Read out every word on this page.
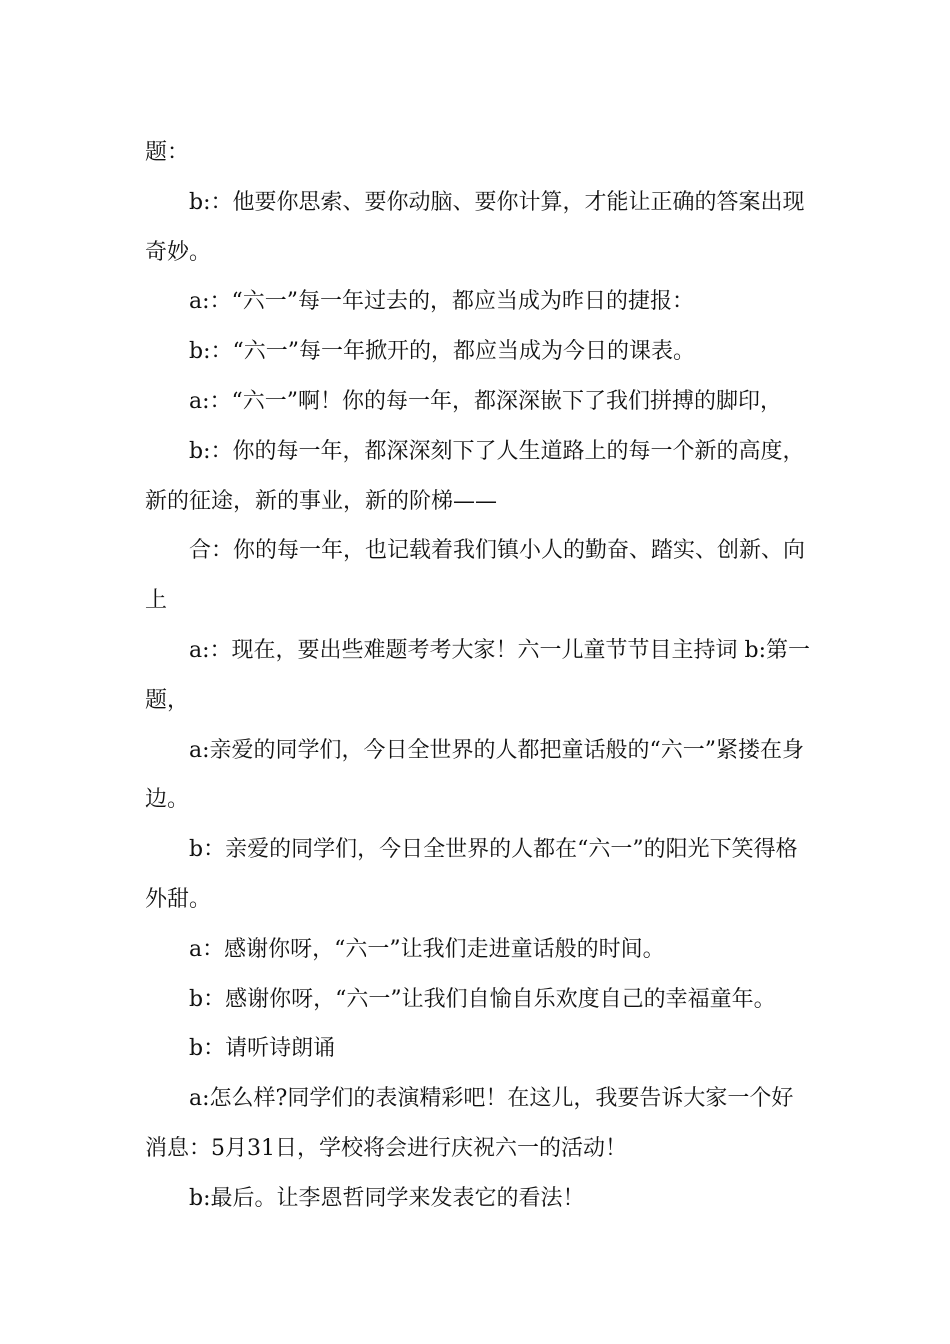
题：

b:：他要你思索、要你动脑、要你计算，才能让正确的答案出现奇妙。

a:：“六一”每一年过去的，都应当成为昨日的捷报：

b:：“六一”每一年掀开的，都应当成为今日的课表。

a:：“六一”啊！你的每一年，都深深嵌下了我们拼搏的脚印，

b:：你的每一年，都深深刻下了人生道路上的每一个新的高度，新的征途，新的事业，新的阶梯——

合：你的每一年，也记载着我们镇小人的勤奋、踏实、创新、向上

a:：现在，要出些难题考考大家！六一儿童节节目主持词 b:第一题，

a:亲爱的同学们，今日全世界的人都把童话般的“六一”紧搂在身边。

b：亲爱的同学们，今日全世界的人都在“六一”的阳光下笑得格外甜。

a：感谢你呀，“六一”让我们走进童话般的时间。

b：感谢你呀，“六一”让我们自愉自乐欢度自己的幸福童年。

b：请听诗朗诵

a:怎么样?同学们的表演精彩吧！在这儿，我要告诉大家一个好消息：5月31日，学校将会进行庆祝六一的活动！

b:最后。让李恩哲同学来发表它的看法！
